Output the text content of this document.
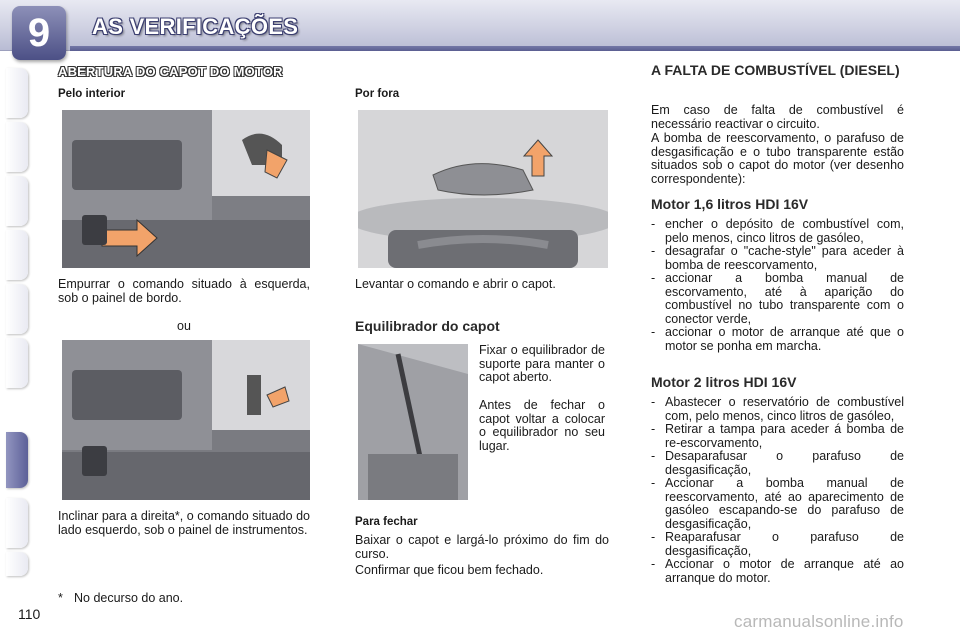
9	AS VERIFICAÇÕES
ABERTURA DO CAPOT DO MOTOR
Pelo interior

Empurrar o comando situado à esquerda, sob o painel de bordo.

ou

Inclinar para a direita*, o comando situado do lado esquerdo, sob o painel de instrumentos.

* No decurso do ano.

Por fora

Levantar o comando e abrir o capot.

Equilibrador do capot

Fixar o equilibrador de suporte para manter o capot aberto.

Antes de fechar o capot voltar a colocar o equilibrador no seu lugar.

Para fechar

Baixar o capot e largá-lo próximo do fim do curso.

Confirmar que ficou bem fechado.

A FALTA DE COMBUSTÍVEL (DIESEL)

Em caso de falta de combustível é necessário reactivar o circuito.

A bomba de reescorvamento, o parafuso de desgasificação e o tubo transparente estão situados sob o capot do motor (ver desenho correspondente):

Motor 1,6 litros HDI 16V
- encher o depósito de combustível com, pelo menos, cinco litros de gasóleo,
- desagrafar o "cache-style" para aceder à bomba de reescorvamento,
- accionar a bomba manual de escorvamento, até à aparição do combustível no tubo transparente com o conector verde,
- accionar o motor de arranque até que o motor se ponha em marcha.
Motor 2 litros HDI 16V
- Abastecer o reservatório de combustível com, pelo menos, cinco litros de gasóleo,
- Retirar a tampa para aceder á bomba de re-escorvamento,
- Desaparafusar o parafuso de desgasificação,
- Accionar a bomba manual de reescorvamento, até ao aparecimento de gasóleo escapando-se do parafuso de desgasificação,
- Reaparafusar o parafuso de desgasificação,
- Accionar o motor de arranque até ao arranque do motor.

110	carmanualsonline.info
